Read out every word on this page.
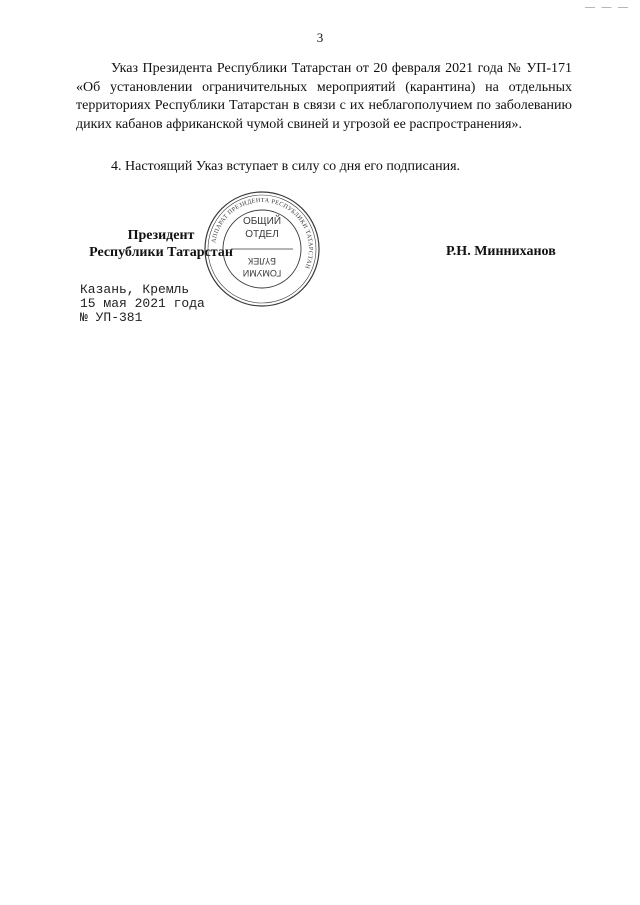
— — —
3

Указ Президента Республики Татарстан от 20 февраля 2021 года № УП-171 «Об установлении ограничительных мероприятий (карантина) на отдельных территориях Республики Татарстан в связи с их неблагополучием по заболеванию диких кабанов африканской чумой свиней и угрозой ее распространения».

4. Настоящий Указ вступает в силу со дня его подписания.

Президент
Республики Татарстан	Р.Н. Минниханов
Казань, Кремль
15 мая 2021 года
№ УП-381
АППАРАТ ПРЕЗИДЕНТА РЕСПУБЛИКИ ТАТАРСТАН
ОБЩИЙ
ОТДЕЛ
БҮЛЕК
ГОМУМИ
